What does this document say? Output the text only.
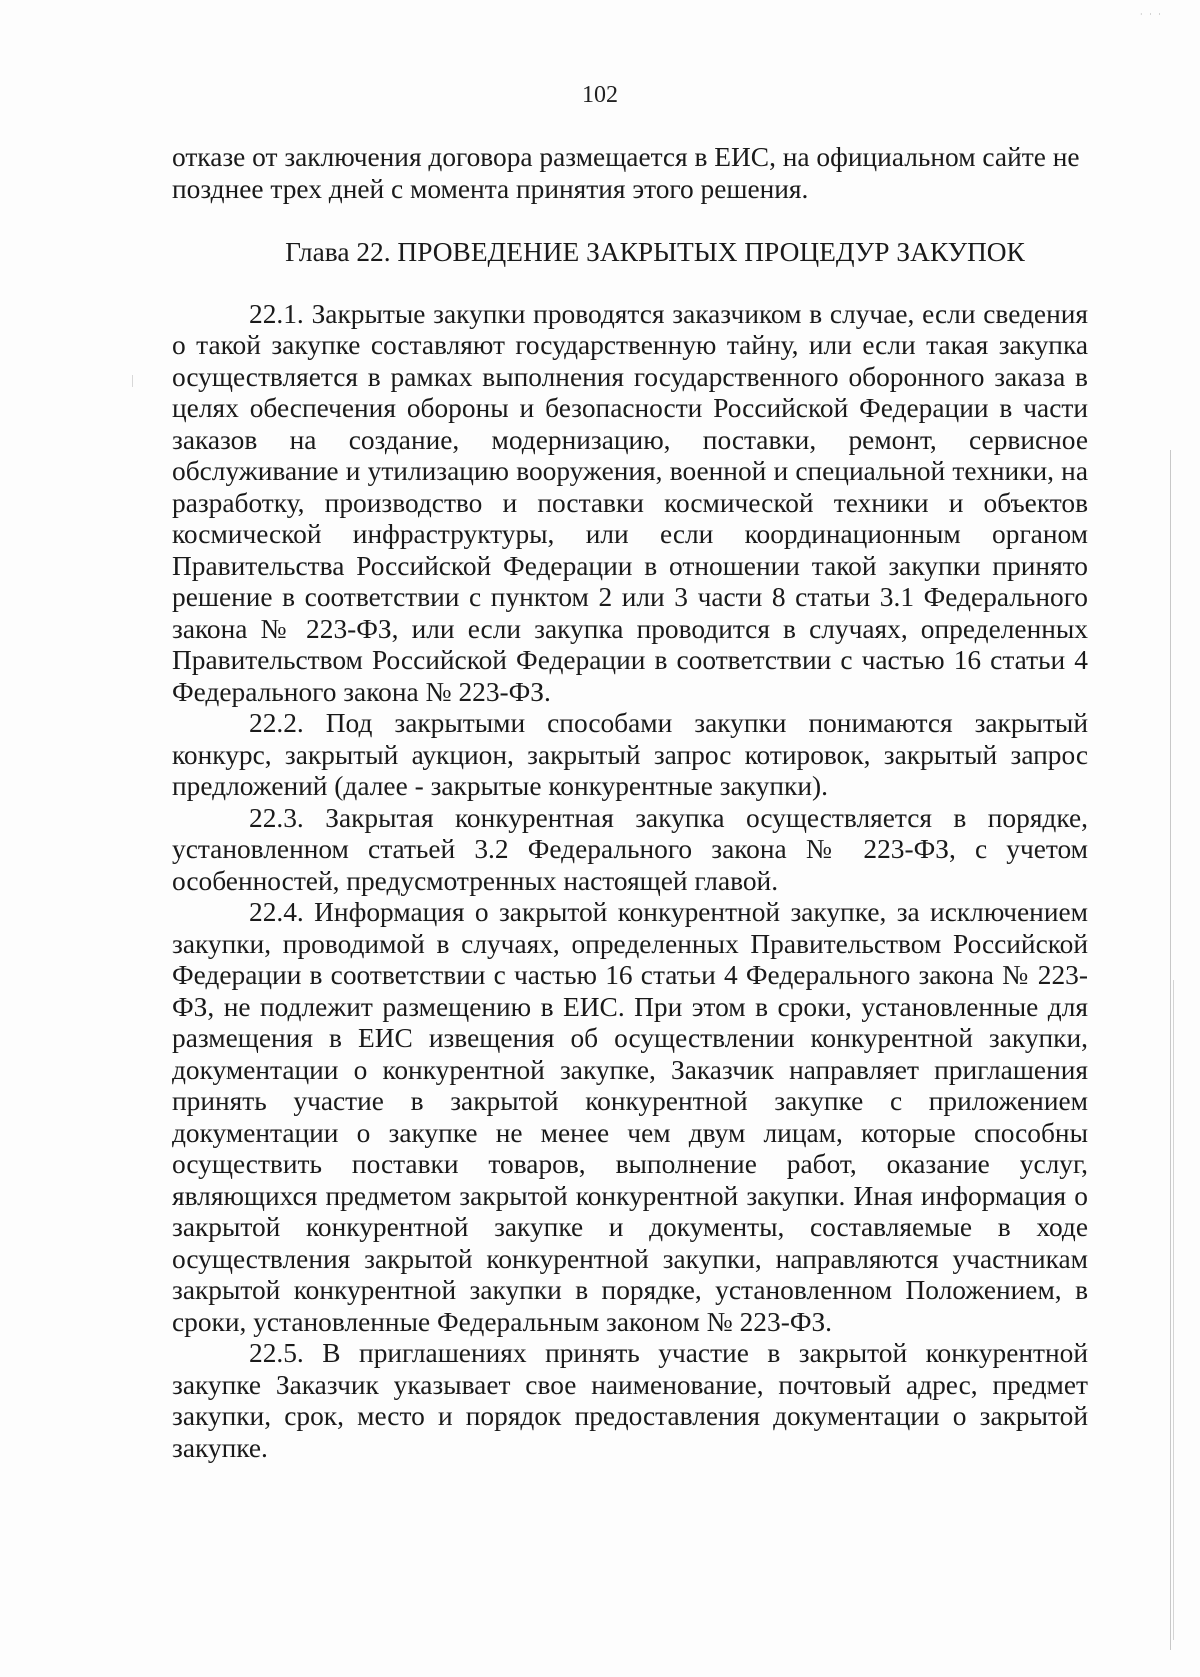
· · ·
102

отказе от заключения договора размещается в ЕИС, на официальном сайте не позднее трех дней с момента принятия этого решения.

Глава 22. ПРОВЕДЕНИЕ ЗАКРЫТЫХ ПРОЦЕДУР ЗАКУПОК

22.1. Закрытые закупки проводятся заказчиком в случае, если сведения о такой закупке составляют государственную тайну, или если такая закупка осуществляется в рамках выполнения государственного оборонного заказа в целях обеспечения обороны и безопасности Российской Федерации в части заказов на создание, модернизацию, поставки, ремонт, сервисное обслуживание и утилизацию вооружения, военной и специальной техники, на разработку, производство и поставки космической техники и объектов космической инфраструктуры, или если координационным органом Правительства Российской Федерации в отношении такой закупки принято решение в соответствии с пунктом 2 или 3 части 8 статьи 3.1 Федерального закона № 223-ФЗ, или если закупка проводится в случаях, определенных Правительством Российской Федерации в соответствии с частью 16 статьи 4 Федерального закона № 223-ФЗ.

22.2. Под закрытыми способами закупки понимаются закрытый конкурс, закрытый аукцион, закрытый запрос котировок, закрытый запрос предложений (далее - закрытые конкурентные закупки).

22.3. Закрытая конкурентная закупка осуществляется в порядке, установленном статьей 3.2 Федерального закона № 223-ФЗ, с учетом особенностей, предусмотренных настоящей главой.

22.4. Информация о закрытой конкурентной закупке, за исключением закупки, проводимой в случаях, определенных Правительством Российской Федерации в соответствии с частью 16 статьи 4 Федерального закона № 223-ФЗ, не подлежит размещению в ЕИС. При этом в сроки, установленные для размещения в ЕИС извещения об осуществлении конкурентной закупки, документации о конкурентной закупке, Заказчик направляет приглашения принять участие в закрытой конкурентной закупке с приложением документации о закупке не менее чем двум лицам, которые способны осуществить поставки товаров, выполнение работ, оказание услуг, являющихся предметом закрытой конкурентной закупки. Иная информация о закрытой конкурентной закупке и документы, составляемые в ходе осуществления закрытой конкурентной закупки, направляются участникам закрытой конкурентной закупки в порядке, установленном Положением, в сроки, установленные Федеральным законом № 223-ФЗ.

22.5. В приглашениях принять участие в закрытой конкурентной закупке Заказчик указывает свое наименование, почтовый адрес, предмет закупки, срок, место и порядок предоставления документации о закрытой закупке.
